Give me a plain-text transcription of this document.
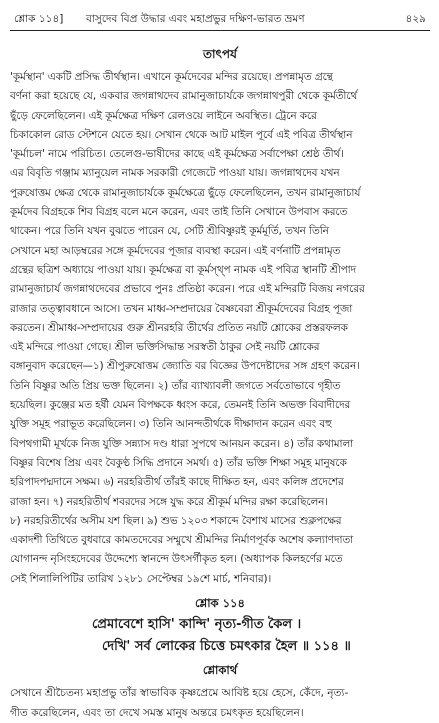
শ্লোক ১১৪] বাসুদেব বিপ্র উদ্ধার এবং মহাপ্রভুর দক্ষিণ-ভারত ভ্রমণ	৪২৯
তাৎপর্য
'কূর্মস্থান' একটি প্রসিদ্ধ তীর্থস্থান। এখানে কূর্মদেবের মন্দির রয়েছে। প্রপন্নামৃত গ্রন্থে
বর্ণনা করা হয়েছে যে, একবার জগন্নাথদেব রামানুজাচার্যকে জগন্নাথপুরী থেকে কূর্মতীর্থে
ছুঁড়ে ফেলেছিলেন। এই কূর্মক্ষেত্র দক্ষিণ রেলওয়ে লাইনে অবস্থিত। ট্রেনে করে
চিকাকোল রোড স্টেশনে যেতে হয়। সেখান থেকে আট মাইল পূর্বে এই পবিত্র তীর্থস্থান
'কূর্মাচল' নামে পরিচিত। তেলেগু-ভাষীদের কাছে এই কূর্মক্ষেত্র সর্বাপেক্ষা শ্রেষ্ঠ তীর্থ।
এর বিবৃতি গঞ্জাম ম্যানুয়েল নামক সরকারী গেজেটে পাওয়া যায়। জগন্নাথদেব যখন
পুরুষোত্তম ক্ষেত্র থেকে রামানুজাচার্যকে কূর্মক্ষেত্রে ছুঁড়ে ফেলেছিলেন, তখন রামানুজাচার্য
কূর্মদেব বিগ্রহকে শিব বিগ্রহ বলে মনে করেন, এবং তাই তিনি সেখানে উপবাস করতে
থাকেন। পরে তিনি যখন বুঝতে পারেন যে, সেটি শ্রীবিষ্ণুরই কূর্মমূর্তি, তখন তিনি
সেখানে মহা আড়ম্বরের সঙ্গে কূর্মদেবের পূজার ব্যবস্থা করেন। এই বর্ণনাটি প্রপন্নামৃত
গ্রন্থের ছত্রিশ অধ্যায়ে পাওয়া যায়। কূর্মক্ষেত্র বা কূর্মস্থ্প নামক এই পবিত্র স্থানটি শ্রীপাদ
রামানুজাচার্য জগন্নাথদেবের প্রভাবে পুনঃ প্রতিষ্ঠা করেন। পরে এই মন্দিরটি বিজয় নগরের
রাজার তত্ত্বাবধানে আসে। তখন মাধ্ব-সম্প্রদায়ের বৈষ্ণবেরা শ্রীকূর্মদেবের বিগ্রহ পূজা
করতেন। শ্রীমাধ্ব-সম্প্রদায়ের গুরু শ্রীনরহরি তীর্থের প্রতিত নয়টি শ্লোকের প্রস্তরফলক
এই মন্দিরে পাওয়া গেছে। শ্রীল ভক্তিসিদ্ধান্ত সরস্বতী ঠাকুর সেই নয়টি শ্লোকের
বঙ্গানুবাদ করেছেন—১) শ্রীপুরুষোত্তম জ্যোতি বর বিজ্ঞের উপদেষ্টাদের সঙ্গ গ্রহণ করেন।
তিনি বিষ্ণুর অতি প্রিয় ভক্ত ছিলেন। ২) তাঁর ব্যাখ্যাবলী জগতে সর্বতোভাবে গৃহীত
হয়েছিল। কুঞ্জের মত হর্ষী যেমন বিপক্ষকে ধ্বংস করে, তেমনই তিনি অভক্ত বিবাদীদের
যুক্তি সমূহ পরাভূত করেছিলেন। ৩) তিনি আনন্দতীর্থকে দীক্ষাদান করেন এবং বহু
বিপথগামী মূর্খকে নিজ যুক্তি সন্ন্যাস দণ্ড ধারা সুপথে আনয়ন করেন। ৪) তাঁর কথামালা
বিষ্ণুর বিশেষ প্রিয় এবং বৈকুণ্ঠ সিদ্ধি প্রদানে সমর্থ। ৫) তাঁর ভক্তি শিক্ষা সমূহ মানুষকে
হরিপাদপদ্মদানে সক্ষম। ৬) নরহরিতীর্থ তাঁরই কাছে দীক্ষিত হন, এবং কলিঙ্গ প্রদেশের
রাজা হন। ৭) নরহরিতীর্থ শবরদের সঙ্গে যুদ্ধ করে শ্রীকূর্ম মন্দির রক্ষা করেছিলেন।
৮) নরহরিতীর্থের অসীম যশ ছিল। ৯) শুভ ১২০৩ শকাব্দে বৈশাখ মাসের শুক্লপক্ষের
একাদশী তিথিতে বুধবারে কামতদেবের সম্মুখে শ্রীমন্দির নির্মাণপূর্বক অশেষ কল্যাণদাতা
যোগানন্দ নৃসিংহদেবের উদ্দেশ্যে স্বানন্দে উৎসর্গীকৃত হল। (অধ্যাপক কিলহর্ণের মতে
সেই শিলালিপিটির তারিখ ১২৮১ সেপ্টেম্বর ১৯শে মার্চ, শনিবার)।
শ্লোক ১১৪
প্রেমাবেশে হাসি' কান্দি' নৃত্য-গীত কৈল ।
দেখি' সর্ব লোকের চিত্তে চমৎকার হৈল ॥ ১১৪ ॥
শ্লোকার্থ
সেখানে শ্রীচৈতন্য মহাপ্রভু তাঁর স্বাভাবিক কৃষ্ণপ্রেমে আবিষ্ট হয়ে হেসে, কেঁদে, নৃত্য-
গীত করেছিলেন, এবং তা দেখে সমস্ত মানুষ অন্তরে চমৎকৃত হয়েছিলেন।
